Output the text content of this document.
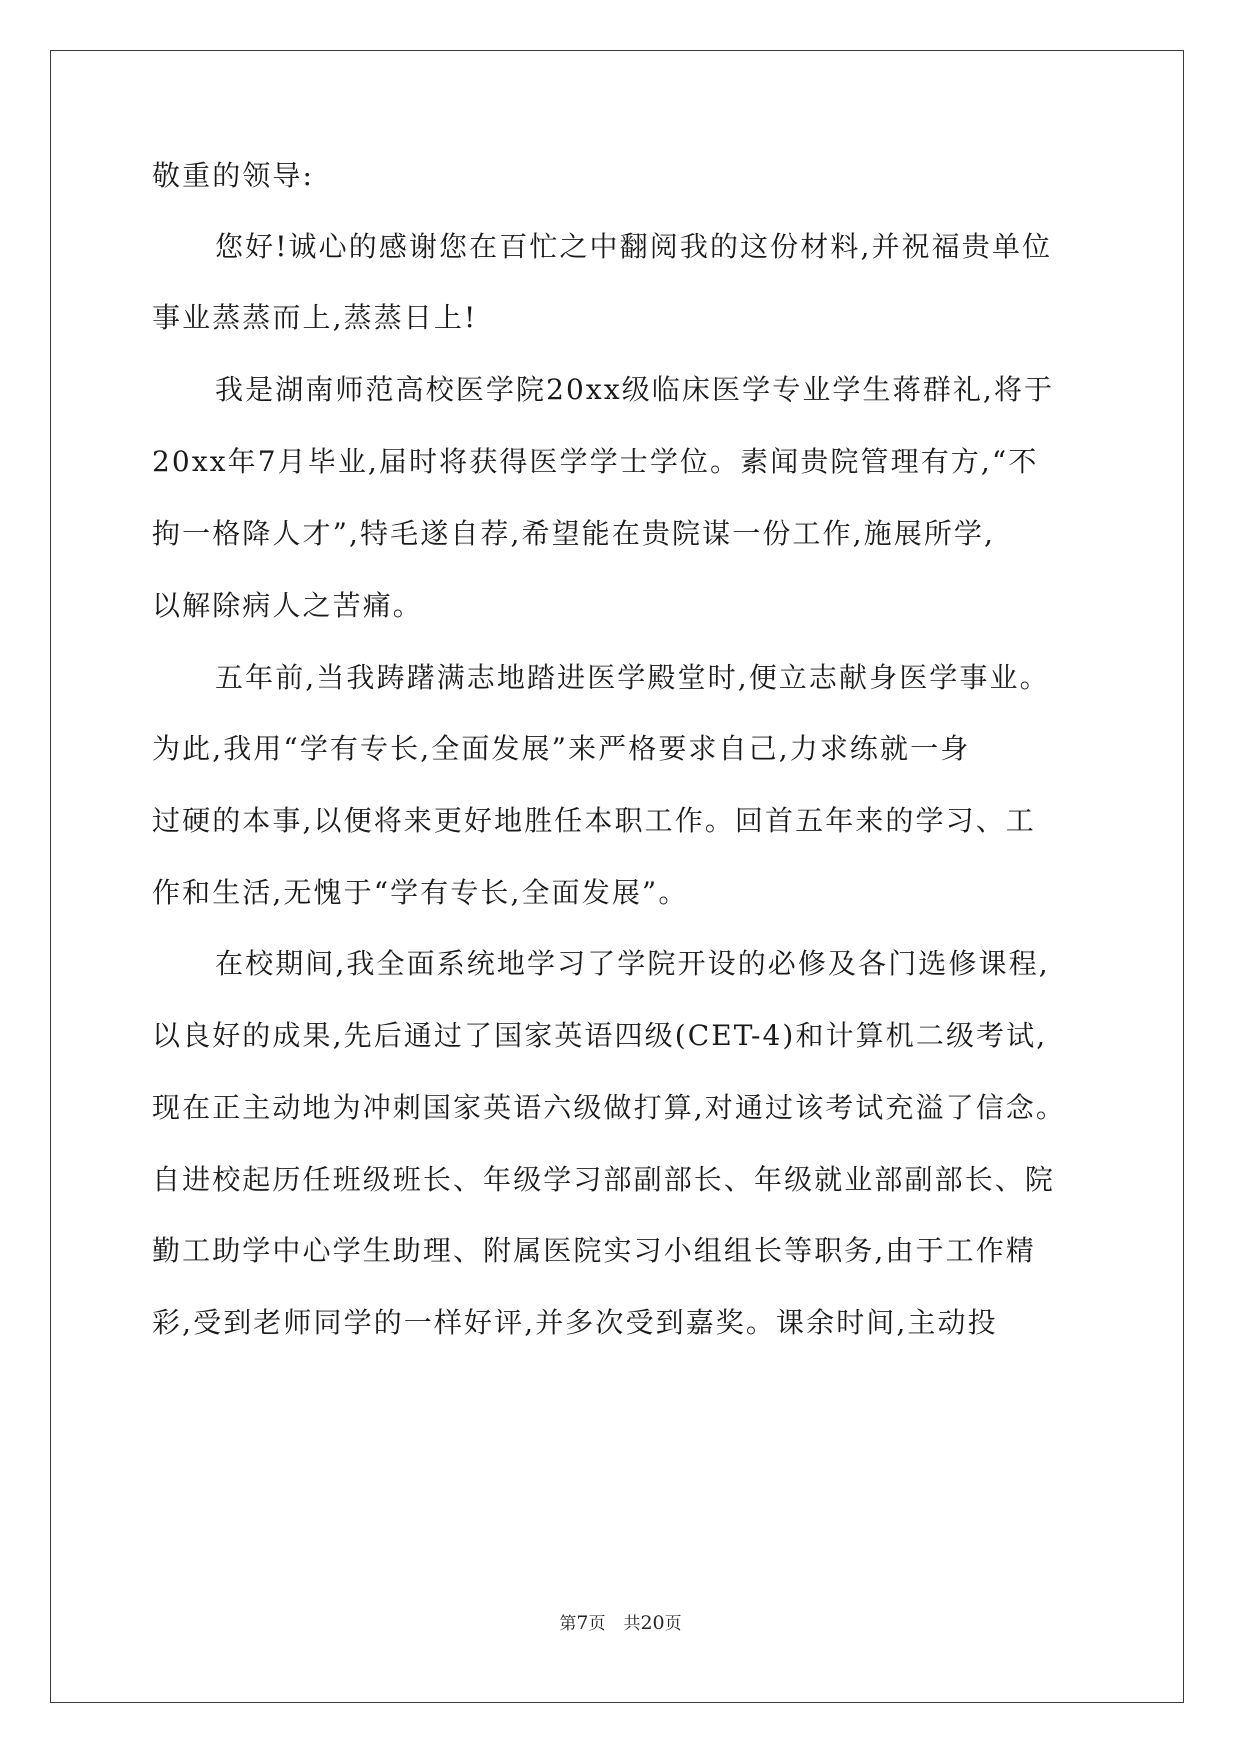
敬重的领导:
您好!诚心的感谢您在百忙之中翻阅我的这份材料,并祝福贵单位
事业蒸蒸而上,蒸蒸日上!
我是湖南师范高校医学院20xx级临床医学专业学生蒋群礼,将于
20xx年7月毕业,届时将获得医学学士学位。素闻贵院管理有方,“不
拘一格降人才”,特毛遂自荐,希望能在贵院谋一份工作,施展所学,
以解除病人之苦痛。
五年前,当我踌躇满志地踏进医学殿堂时,便立志献身医学事业。
为此,我用“学有专长,全面发展”来严格要求自己,力求练就一身
过硬的本事,以便将来更好地胜任本职工作。回首五年来的学习、工
作和生活,无愧于“学有专长,全面发展”。
在校期间,我全面系统地学习了学院开设的必修及各门选修课程,
以良好的成果,先后通过了国家英语四级(CET-4)和计算机二级考试,
现在正主动地为冲刺国家英语六级做打算,对通过该考试充溢了信念。
自进校起历任班级班长、年级学习部副部长、年级就业部副部长、院
勤工助学中心学生助理、附属医院实习小组组长等职务,由于工作精
彩,受到老师同学的一样好评,并多次受到嘉奖。课余时间,主动投
第7页 共20页
